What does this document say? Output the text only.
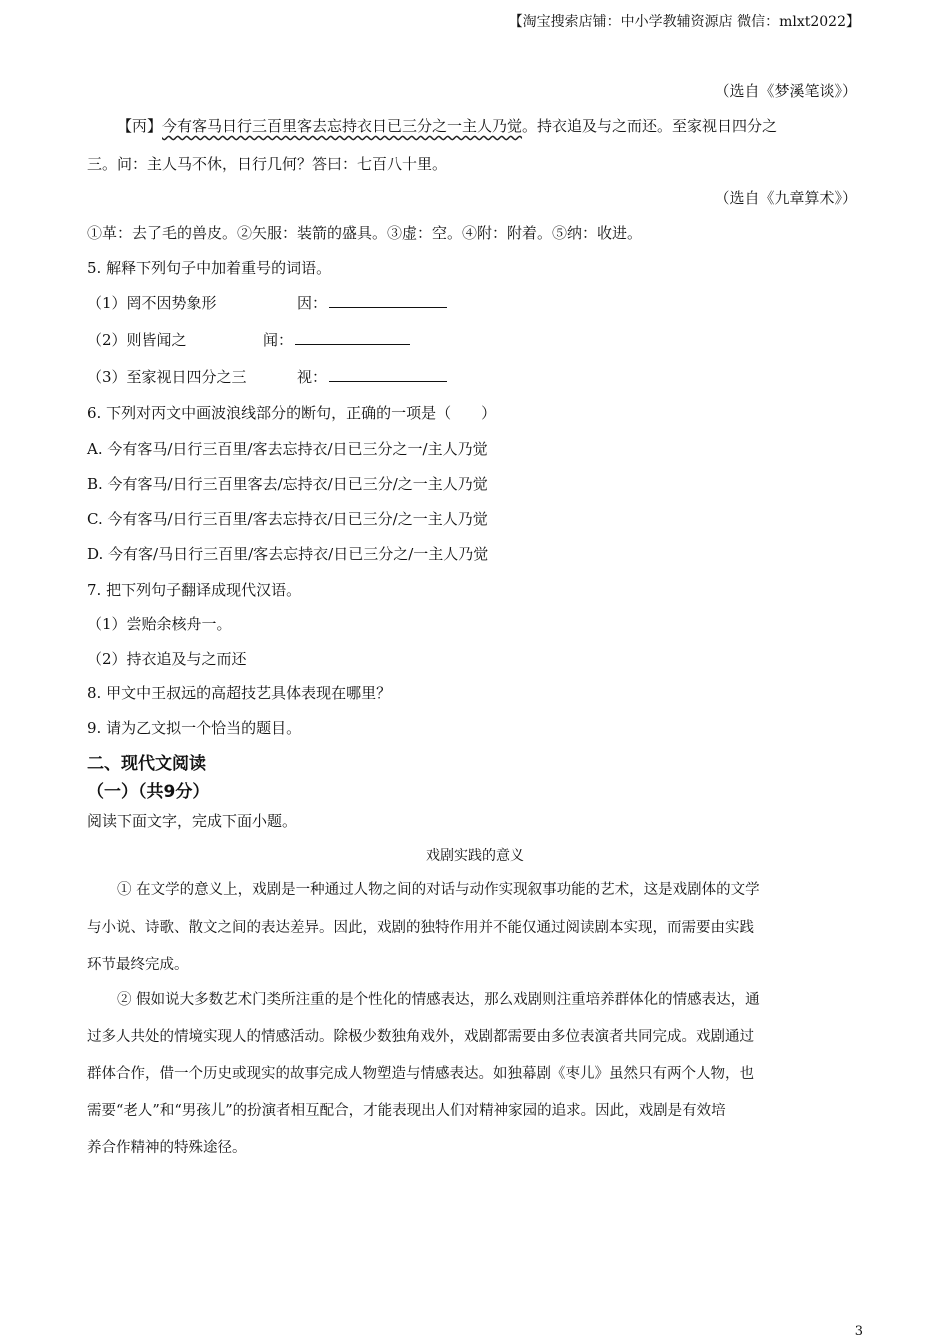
【淘宝搜索店铺：中小学教辅资源店 微信：mlxt2022】
（选自《梦溪笔谈》）
【丙】今有客马日行三百里客去忘持衣日已三分之一主人乃觉。持衣追及与之而还。至家视日四分之
三。问：主人马不休，日行几何？答曰：七百八十里。
（选自《九章算术》）
①革：去了毛的兽皮。②矢服：装箭的盛具。③虚：空。④附：附着。⑤纳：收进。
5. 解释下列句子中加着重号的词语。
（1）罔不因势象形	因：
（2）则皆闻之	闻：
（3）至家视日四分之三	视：
6. 下列对丙文中画波浪线部分的断句，正确的一项是（　　）
A. 今有客马/日行三百里/客去忘持衣/日已三分之一/主人乃觉
B. 今有客马/日行三百里客去/忘持衣/日已三分/之一主人乃觉
C. 今有客马/日行三百里/客去忘持衣/日已三分/之一主人乃觉
D. 今有客/马日行三百里/客去忘持衣/日已三分之/一主人乃觉
7. 把下列句子翻译成现代汉语。
（1）尝贻余核舟一。
（2）持衣追及与之而还
8. 甲文中王叔远的高超技艺具体表现在哪里？
9. 请为乙文拟一个恰当的题目。
二、现代文阅读
（一）（共9分）
阅读下面文字，完成下面小题。
戏剧实践的意义
① 在文学的意义上，戏剧是一种通过人物之间的对话与动作实现叙事功能的艺术，这是戏剧体的文学
与小说、诗歌、散文之间的表达差异。因此，戏剧的独特作用并不能仅通过阅读剧本实现，而需要由实践
环节最终完成。
② 假如说大多数艺术门类所注重的是个性化的情感表达，那么戏剧则注重培养群体化的情感表达，通
过多人共处的情境实现人的情感活动。除极少数独角戏外，戏剧都需要由多位表演者共同完成。戏剧通过
群体合作，借一个历史或现实的故事完成人物塑造与情感表达。如独幕剧《枣儿》虽然只有两个人物，也
需要“老人”和“男孩儿”的扮演者相互配合，才能表现出人们对精神家园的追求。因此，戏剧是有效培
养合作精神的特殊途径。
3
